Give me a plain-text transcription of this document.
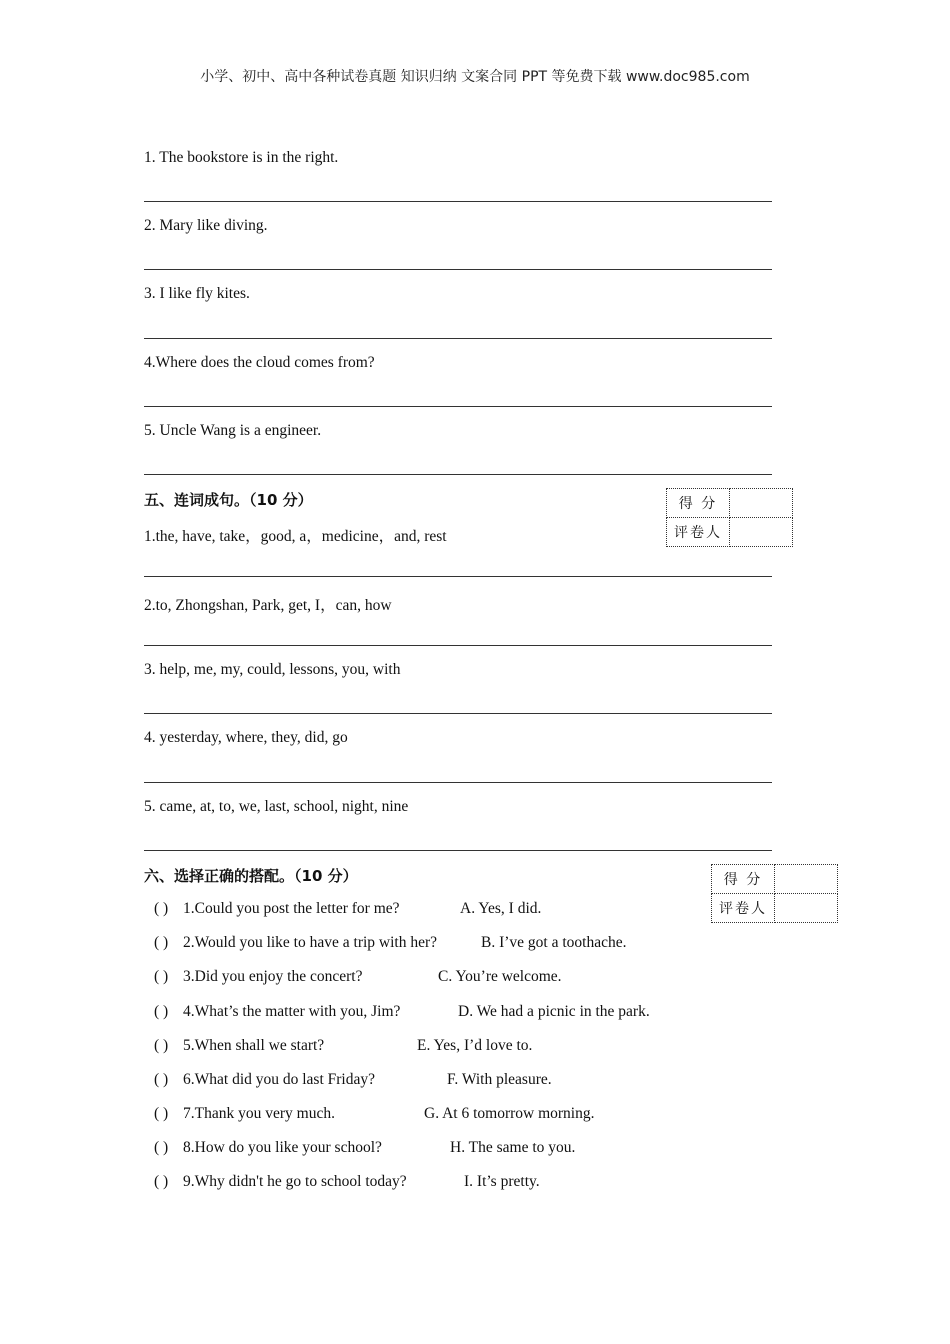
小学、初中、高中各种试卷真题 知识归纳 文案合同 PPT 等免费下载 www.doc985.com
1. The bookstore is in the right.
2. Mary like diving.
3. I like fly kites.
4.Where does the cloud comes from?
5. Uncle Wang is a engineer.
五、连词成句。（10 分）	得 分	
评卷人	
1.the, have, take，good, a，medicine，and, rest
2.to, Zhongshan, Park, get, I，can, how
3. help, me, my, could, lessons, you, with
4. yesterday, where, they, did, go
5. came, at, to, we, last, school, night, nine
六、选择正确的搭配。（10 分）	得 分	
评卷人	
( ) 1.Could you post the letter for me?	A. Yes, I did.
( ) 2.Would you like to have a trip with her?	B. I’ve got a toothache.
( ) 3.Did you enjoy the concert?	C. You’re welcome.
( ) 4.What’s the matter with you, Jim?	D. We had a picnic in the park.
( ) 5.When shall we start?	E. Yes, I’d love to.
( ) 6.What did you do last Friday?	F. With pleasure.
( ) 7.Thank you very much.	G. At 6 tomorrow morning.
( ) 8.How do you like your school?	H. The same to you.
( ) 9.Why didn't he go to school today?	I. It’s pretty.
